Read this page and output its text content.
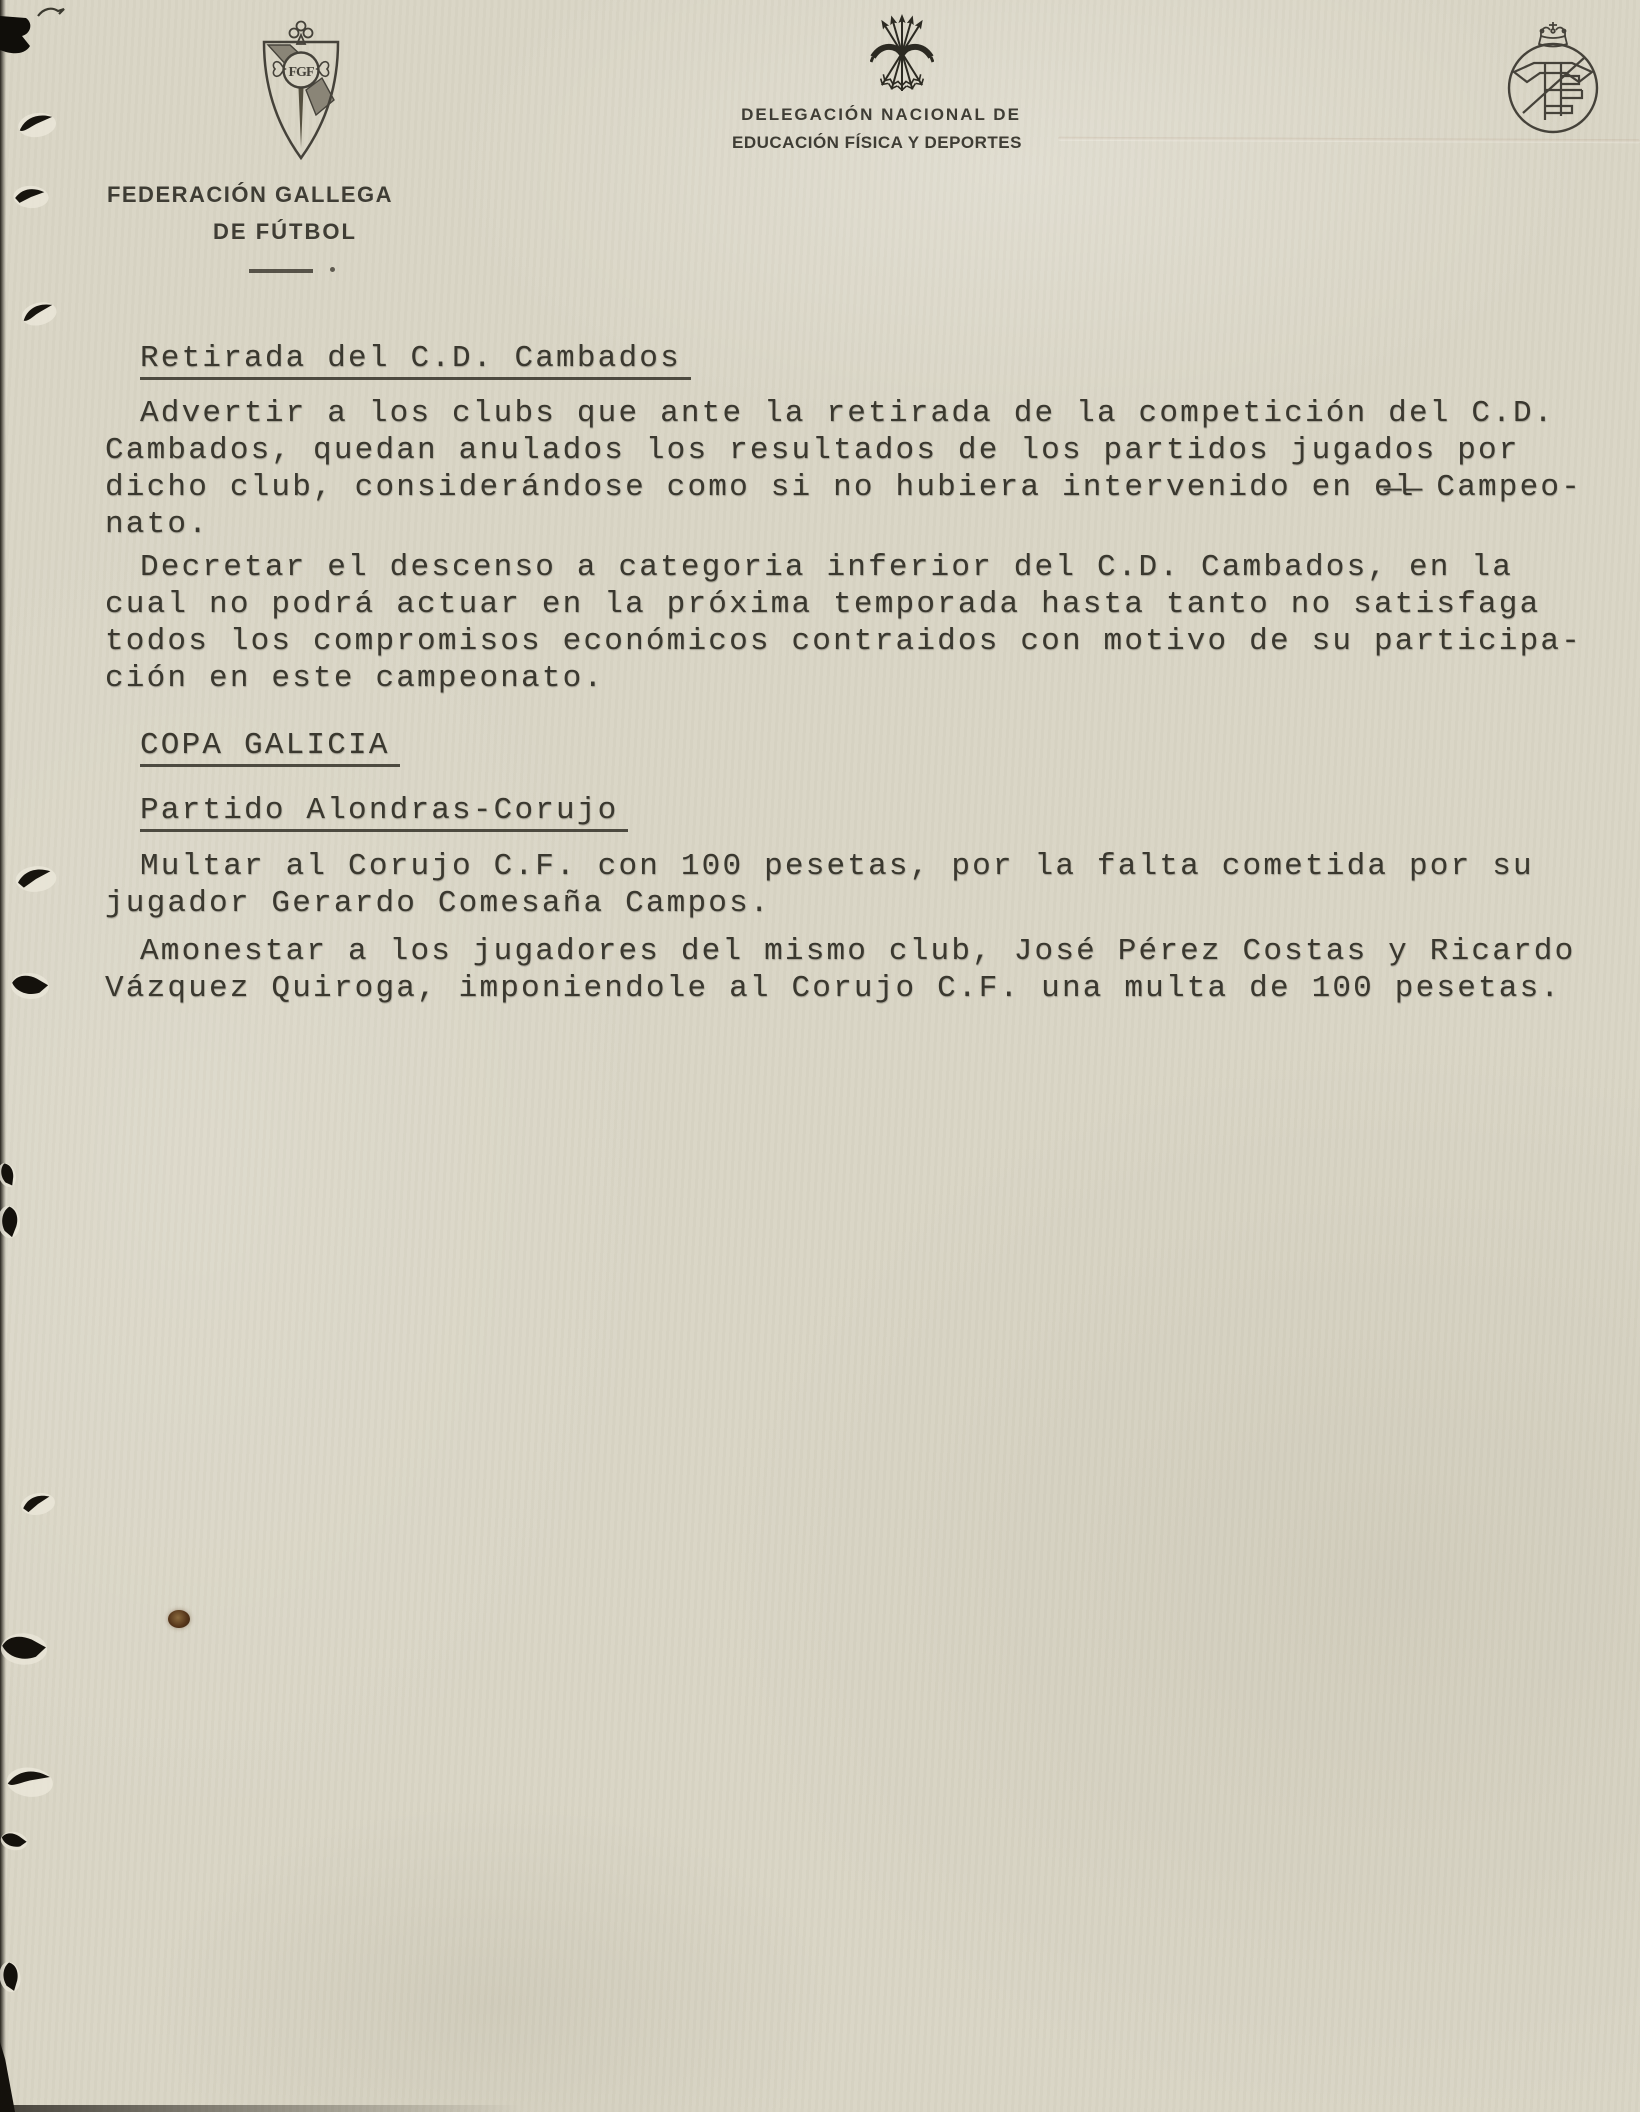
FGF
FEDERACIÓN GALLEGA
DE FÚTBOL
DELEGACIÓN NACIONAL DE
EDUCACIÓN FÍSICA Y DEPORTES
Retirada del C.D. Cambados
Advertir a los clubs que ante la retirada de la competición del C.D.
Cambados, quedan anulados los resultados de los partidos jugados por
dicho club, considerándose como si no hubiera intervenido en e̶l̶ Campeo-
nato.
Decretar el descenso a categoria inferior del C.D. Cambados, en la
cual no podrá actuar en la próxima temporada hasta tanto no satisfaga
todos los compromisos económicos contraidos con motivo de su participa-
ción en este campeonato.
COPA GALICIA
Partido Alondras-Corujo
Multar al Corujo C.F. con 100 pesetas, por la falta cometida por su
jugador Gerardo Comesaña Campos.
Amonestar a los jugadores del mismo club, José Pérez Costas y Ricardo
Vázquez Quiroga, imponiendole al Corujo C.F. una multa de 100 pesetas.
